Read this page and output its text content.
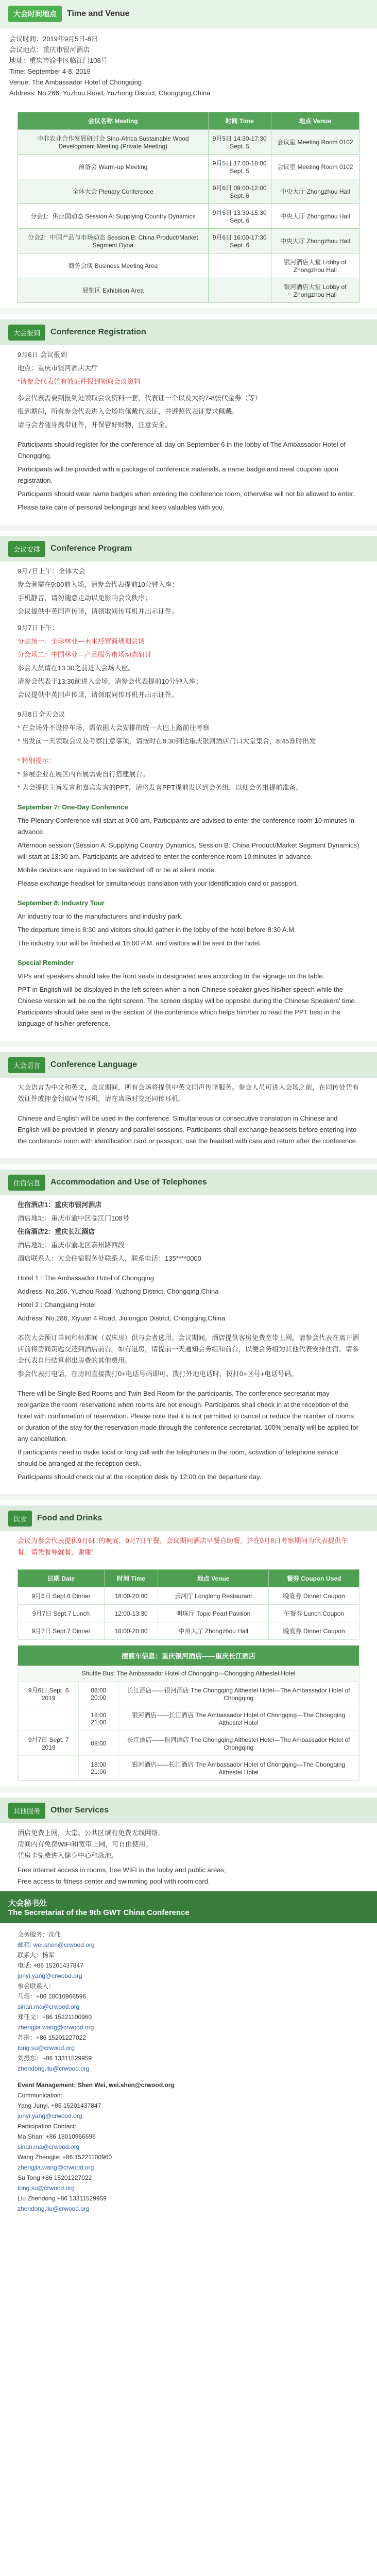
大会时间地点	Time and Venue

会议时间：2019年9月5日-8日

会议地点：重庆市银河酒店

地址：重庆市渝中区临江门108号

Time: September 4-8, 2019

Venue: The Ambassador Hotel of Chongqing

Address: No.266, Yuzhou Road, Yuzhong District, Chongqing,China

会议名称 Meeting	时间 Time	地点 Venue
中非农业合作发展研讨会 Sino-Africa Sustainable Wood Development Meeting (Private Meeting)	9月5日 14:30-17:30 Sept. 5	会议室 Meeting Room 0102
预备会 Warm-up Meeting	9月5日 17:00-18:00 Sept. 5	会议室 Meeting Room 0102
全体大会 Plenary Conference	9月6日 09:00-12:00 Sept. 6	中央大厅 Zhongzhou Hall
分会1：供应国动态 Session A: Supplying Country Dynamics	9月6日 13:30-15:30 Sept. 6	中央大厅 Zhongzhou Hall
分会2：中国产品与市场动态 Session B: China Product/Market Segment Dyna	9月6日 16:00-17:30 Sept. 6	中央大厅 Zhongzhou Hall
商务会谈 Business Meeting Area		银河酒店大堂 Lobby of Zhongzhou Hall
展览区 Exhibition Area		银河酒店大堂 Lobby of Zhongzhou Hall
大会报到	Conference Registration

9月6日 会议报到

地点：重庆市银河酒店大厅

*请参会代表凭有效证件报到领取会议资料

参会代表需要到报到处领取会议资料一套，代表证一个以及大约7-8张代金券（等）

报到期间，所有参会代表进入会场均佩戴代表证，并遵照代表证要求佩戴。

请与会者随身携带证件，并保管好财物，注意安全。

Participants should register for the conference all day on September 6 in the lobby of The Ambassador Hotel of Chongqing.

Participants will be provided with a package of conference materials, a name badge and meal coupons upon registration.

Participants should wear name badges when entering the conference room, otherwise will not be allowed to enter.

Please take care of personal belongings and keep valuables with you.

会议安排	Conference Program

9月7日上午：全体大会

参会者需在9:00前入场，请参会代表提前10分钟入座；

手机静音，请勿随意走动以免影响会议秩序；

会议提供中英同声传译，请领取同传耳机并出示证件。

9月7日下午：

分会场一：全球林业—未来经营商规划会谈

分会场二：中国林业—产品服务市场动态研讨

参会人员请在13:30之前进入会场入座。

请参会代表于13:30前进入会场，请参会代表提前10分钟入座；

会议提供中英同声传译，请领取同传耳机并出示证件。

9月8日全天会议

* 在会场外不设停车场，需依据大会安排的统一大巴上路前往考察

* 出发前一天领取会议及考察注意事项，请按时在8:30到达重庆银河酒店门口大堂集合，8:45准时出发

* 特别提示：

* 参展企业在展区内布展需要自行搭建展台。

* 大会提供主旨发言和嘉宾发言的PPT，请将发言PPT提前发送到会务组，以便会务组提前准备。

September 7: One-Day Conference

The Plenary Conference will start at 9:00 am. Participants are advised to enter the conference room 10 minutes in advance.

Afternoon session (Session A: Supplying Country Dynamics, Session B: China Product/Market Segment Dynamics) will start at 13:30 am. Participants are advised to enter the conference room 10 minutes in advance.

Mobile devices are required to be switched off or be at silent mode.

Please exchange headset for simultaneous translation with your identification card or passport.

September 8: Industry Tour

An industry tour to the manufacturers and industry park.

The departure time is 8:30 and visitors should gather in the lobby of the hotel before 8:30 A.M.

The industry tour will be finished at 18:00 P.M. and visitors will be sent to the hotel.

Special Reminder

VIPs and speakers should take the front seats in designated area according to the signage on the table.

PPT in English will be displayed in the left screen when a non-Chinese speaker gives his/her speech while the Chinese version will be on the right screen. The screen display will be opposite during the Chinese Speakers' time. Participants should take seat in the section of the conference which helps him/her to read the PPT best in the language of his/her preference.

大会语言	Conference Language

大会语言为中文和英文，会议期间，所有会场将提供中英文同声传译服务。参会人员可进入会场之前，在同传处凭有效证件或押金领取同传耳机，请在离场时交还同传耳机。

Chinese and English will be used in the conference. Simultaneous or consecutive translation in Chinese and English will be provided in plenary and parallel sessions. Participants shall exchange headsets before entering into the conference room with identification card or passport, use the headset with care and return after the conference.

住宿信息	Accommodation and Use of Telephones

住宿酒店1：重庆市银河酒店

酒店地址：重庆市渝中区临江门108号

住宿酒店2：重庆长江酒店

酒店地址：重庆市渝北区嘉州路西段

酒店联系人：大会住宿服务处联系人，联系电话：135****0000

Hotel 1 : The Ambassador Hotel of Chongqing

Address: No.266, Yuzhou Road, Yuzhong District, Chongqing,China

Hotel 2 : Changjiang Hotel

Address: No.286, Xiyuan 4 Road, Jiulongpo District, Chongqing,China

本次大会预订单间和标准间（双床房）供与会者选用。会议期间，酒店提供客房免费宽带上网。请参会代表在离开酒店前将房间钥匙交还到酒店前台。如有退房，请提前一天通知会务组和前台，以便会务组为其他代表安排住宿。请参会代表自行结算超出房费的其他费用。

参会代表打电话，在房间直接拨打0+电话号码即可。拨打外地电话时，拨打0+区号+电话号码。

There will be Single Bed Rooms and Twin Bed Room for the participants. The conference secretariat may reorganize the room reservations when rooms are not enough. Participants shall check in at the reception of the hotel with confirmation of reservation. Please note that it is not permitted to cancel or reduce the number of rooms or duration of the stay for the reservation made through the conference secretariat. 100% penalty will be applied for any cancellation.

If participants need to make local or long call with the telephones in the room, activation of telephone service should be arranged at the reception desk.

Participants should check out at the reception desk by 12:00 on the departure day.

饮食	Food and Drinks

会议为参会代表提供9月6日的晚宴，9月7日午餐、会议期间酒店早餐自助餐，并在9月8日考察期间为代表提供午餐。请凭餐券就餐，谢谢！

日期 Date	时间 Time	地点 Venue	餐券 Coupon Used
9月6日 Sept.6 Dinner	18:00-20:00	云河厅 Longlong Restaurant	晚宴券 Dinner Coupon
9月7日 Sept.7 Lunch	12:00-13:30	明珠厅 Topic Pearl Pavilion	午餐券 Lunch Coupon
9月7日 Sept.7 Dinner	18:00-20:00	中州大厅 Zhongzhou Hall	晚宴券 Dinner Coupon
摆渡车信息：重庆银河酒店——重庆长江酒店
Shuttle Bus: The Ambassador Hotel of Chongqing—Chongqing Althestel Hotel
9月6日 Sept. 6 2019	08:00 20:00	长江酒店——银河酒店 The Chongqing Althestel Hotel—The Ambassador Hotel of Chongqing
	18:00 21:00	银河酒店——长江酒店 The Ambassador Hotel of Chongqing—The Chongqing Althestel Hotel
9月7日 Sept. 7 2019	08:00	长江酒店——银河酒店 The Chongqing Althestel Hotel—The Ambassador Hotel of Chongqing
	18:00 21:00	银河酒店——长江酒店 The Ambassador Hotel of Chongqing—The Chongqing Althestel Hotel
其他服务	Other Services

酒店免费上网，大堂、公共区域有免费无线网络。

房间内有免费WIFI和宽带上网，可自由使用。

凭房卡免费进入健身中心和泳池。

Free internet access in rooms, free WIFI in the lobby and public areas;

Free access to fitness center and swimming pool with room card.

大会秘书处
The Secretariat of the 9th GWT China Conference

会务服务：沈伟

邮箱: wei.shen@crwood.org

联系人：杨军

电话: +86 15201437847

junyi.yang@crwood.org

参会联系人：

马珊：+86 18010966596

sinan.ma@crwood.org

郑佳文：+86 15221100960

zhengjia.wang@crwood.org

苏彤：+86 15201227022

tong.su@crwood.org

刘振东：+86 13311529959

zhendong.liu@crwood.org

Event Management: Shen Wei, wei.shen@crwood.org

Communication:

Yang Junyi, +86 15201437847

junyi.yang@crwood.org

Participation Contact:

Ma Shan: +86 18010966596

sinan.ma@crwood.org

Wang Zhengjie: +86 15221100960

zhengjia.wang@crwood.org

Su Tong +86 15201227022

tong.su@crwood.org

Liu Zhendong +86 13311529959

zhendong.liu@crwood.org
